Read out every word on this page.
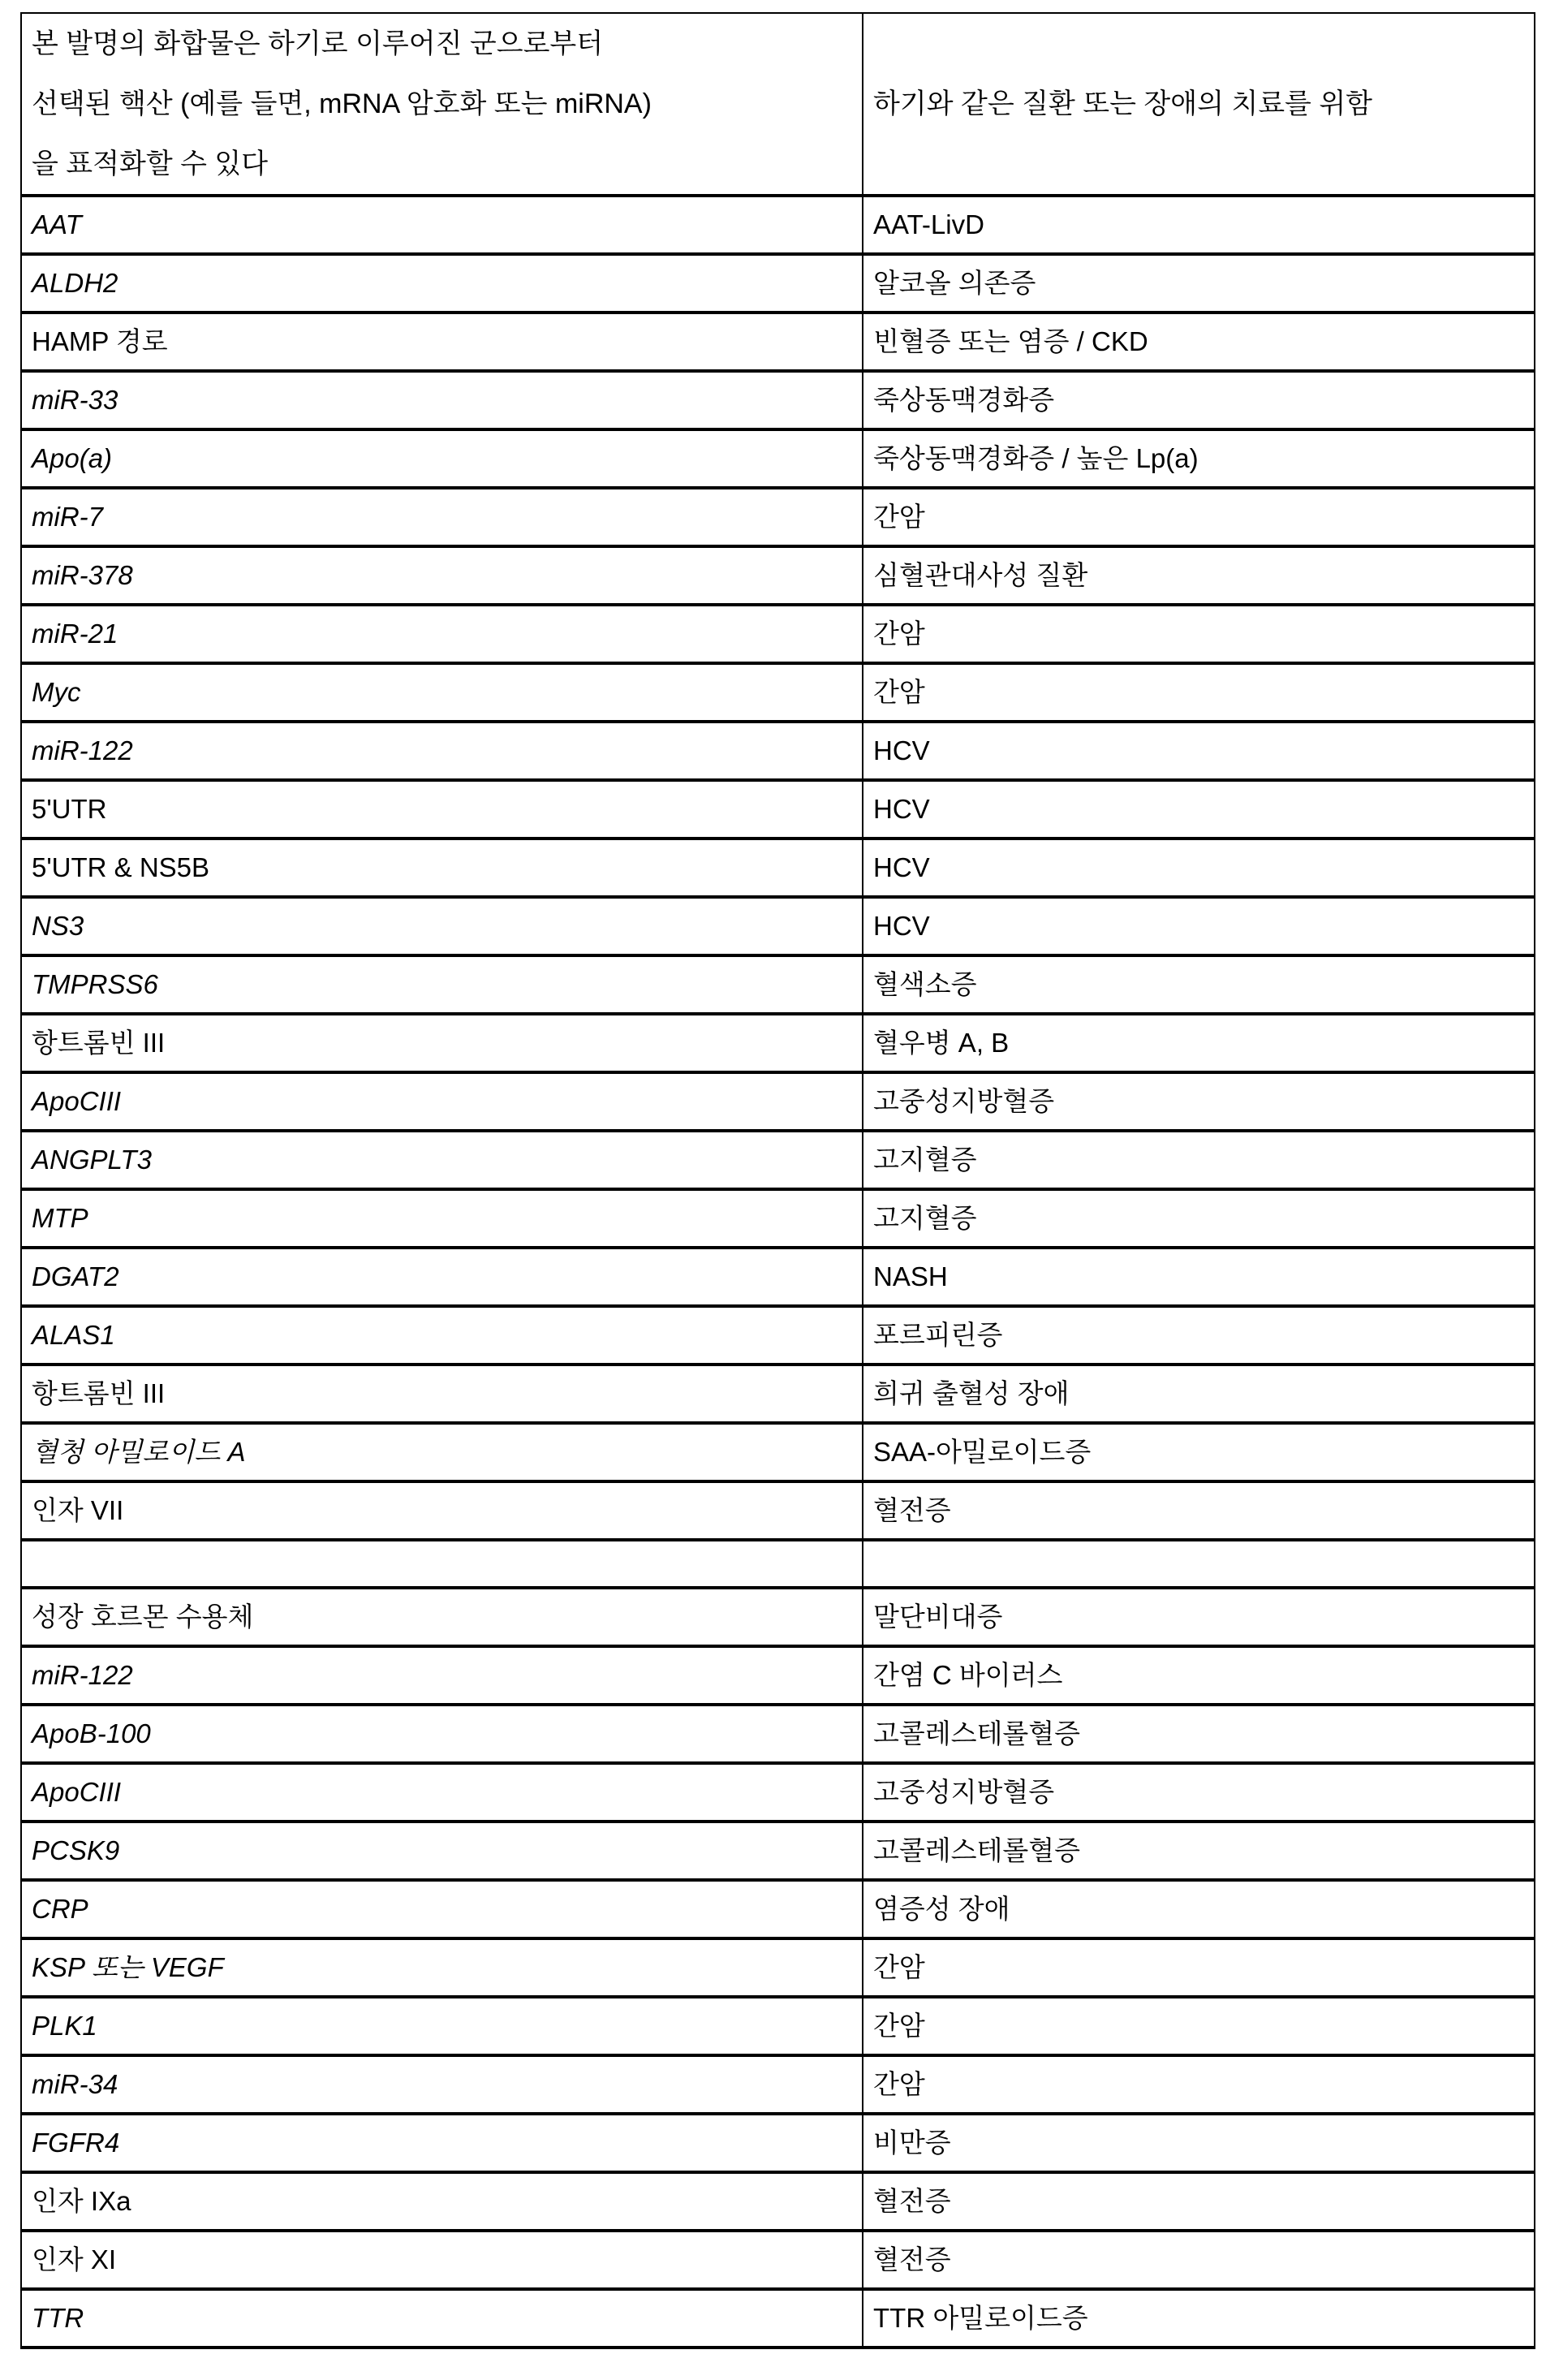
본 발명의 화합물은 하기로 이루어진 군으로부터
선택된 핵산 (예를 들면, mRNA 암호화 또는 miRNA)
을 표적화할 수 있다	하기와 같은 질환 또는 장애의 치료를 위함
AAT	AAT-LivD
ALDH2	알코올 의존증
HAMP 경로	빈혈증 또는 염증 / CKD
miR-33	죽상동맥경화증
Apo(a)	죽상동맥경화증 / 높은 Lp(a)
miR-7	간암
miR-378	심혈관대사성 질환
miR-21	간암
Myc	간암
miR-122	HCV
5'UTR	HCV
5'UTR & NS5B	HCV
NS3	HCV
TMPRSS6	혈색소증
항트롬빈 III	혈우병 A, B
ApoCIII	고중성지방혈증
ANGPLT3	고지혈증
MTP	고지혈증
DGAT2	NASH
ALAS1	포르피린증
항트롬빈 III	희귀 출혈성 장애
혈청 아밀로이드 A	SAA-아밀로이드증
인자 VII	혈전증

성장 호르몬 수용체	말단비대증
miR-122	간염 C 바이러스
ApoB-100	고콜레스테롤혈증
ApoCIII	고중성지방혈증
PCSK9	고콜레스테롤혈증
CRP	염증성 장애
KSP 또는 VEGF	간암
PLK1	간암
miR-34	간암
FGFR4	비만증
인자 IXa	혈전증
인자 XI	혈전증
TTR	TTR 아밀로이드증
